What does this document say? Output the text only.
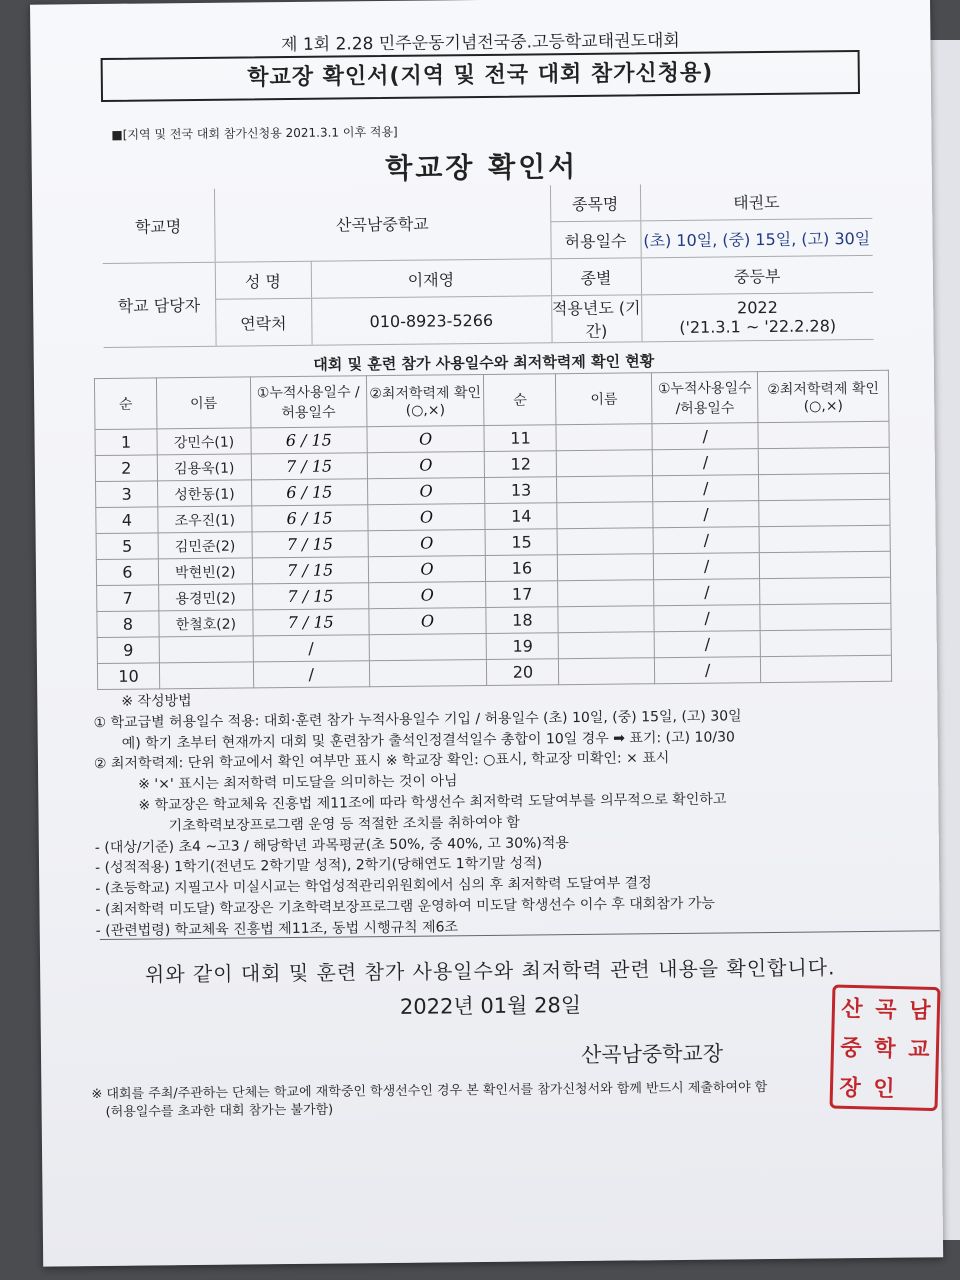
제 1회 2.28 민주운동기념전국중.고등학교태권도대회
학교장 확인서(지역 및 전국 대회 참가신청용)
■[지역 및 전국 대회 참가신청용 2021.3.1 이후 적용]
학교장 확인서
학교명	산곡남중학교		종목명	태권도
			허용일수	(초) 10일, (중) 15일, (고) 30일
학교 담당자	성 명	이재영	종별	중등부
	연락처	010-8923-5266	적용년도 (기간)	2022
('21.3.1 ~ '22.2.28)
대회 및 훈련 참가 사용일수와 최저학력제 확인 현황
순	이름	①누적사용일수 /허용일수	②최저학력제 확인(○,×)	순	이름	①누적사용일수 /허용일수	②최저학력제 확인(○,×)
1	강민수(1)	6 / 15	O	11		/	
2	김용욱(1)	7 / 15	O	12		/	
3	성한동(1)	6 / 15	O	13		/	
4	조우진(1)	6 / 15	O	14		/	
5	김민준(2)	7 / 15	O	15		/	
6	박현빈(2)	7 / 15	O	16		/	
7	용경민(2)	7 / 15	O	17		/	
8	한철호(2)	7 / 15	O	18		/	
9		/		19		/	
10		/		20		/	
※ 작성방법
① 학교급별 허용일수 적용: 대회·훈련 참가 누적사용일수 기입 / 허용일수 (초) 10일, (중) 15일, (고) 30일
예) 학기 초부터 현재까지 대회 및 훈련참가 출석인정결석일수 총합이 10일 경우 ➡ 표기: (고) 10/30
② 최저학력제: 단위 학교에서 확인 여부만 표시 ※ 학교장 확인: ○표시, 학교장 미확인: × 표시
※ '×' 표시는 최저학력 미도달을 의미하는 것이 아님
※ 학교장은 학교체육 진흥법 제11조에 따라 학생선수 최저학력 도달여부를 의무적으로 확인하고
기초학력보장프로그램 운영 등 적절한 조치를 취하여야 함
- (대상/기준) 초4 ~고3 / 해당학년 과목평균(초 50%, 중 40%, 고 30%)적용
- (성적적용) 1학기(전년도 2학기말 성적), 2학기(당해연도 1학기말 성적)
- (초등학교) 지필고사 미실시교는 학업성적관리위원회에서 심의 후 최저학력 도달여부 결정
- (최저학력 미도달) 학교장은 기초학력보장프로그램 운영하여 미도달 학생선수 이수 후 대회참가 가능
- (관련법령) 학교체육 진흥법 제11조, 동법 시행규칙 제6조
위와 같이 대회 및 훈련 참가 사용일수와 최저학력 관련 내용을 확인합니다.
2022년 01월 28일
산곡남중학교장
산 곡 남
중 학 교
장 인
※ 대회를 주최/주관하는 단체는 학교에 재학중인 학생선수인 경우 본 확인서를 참가신청서와 함께 반드시 제출하여야 함
(허용일수를 초과한 대회 참가는 불가함)
